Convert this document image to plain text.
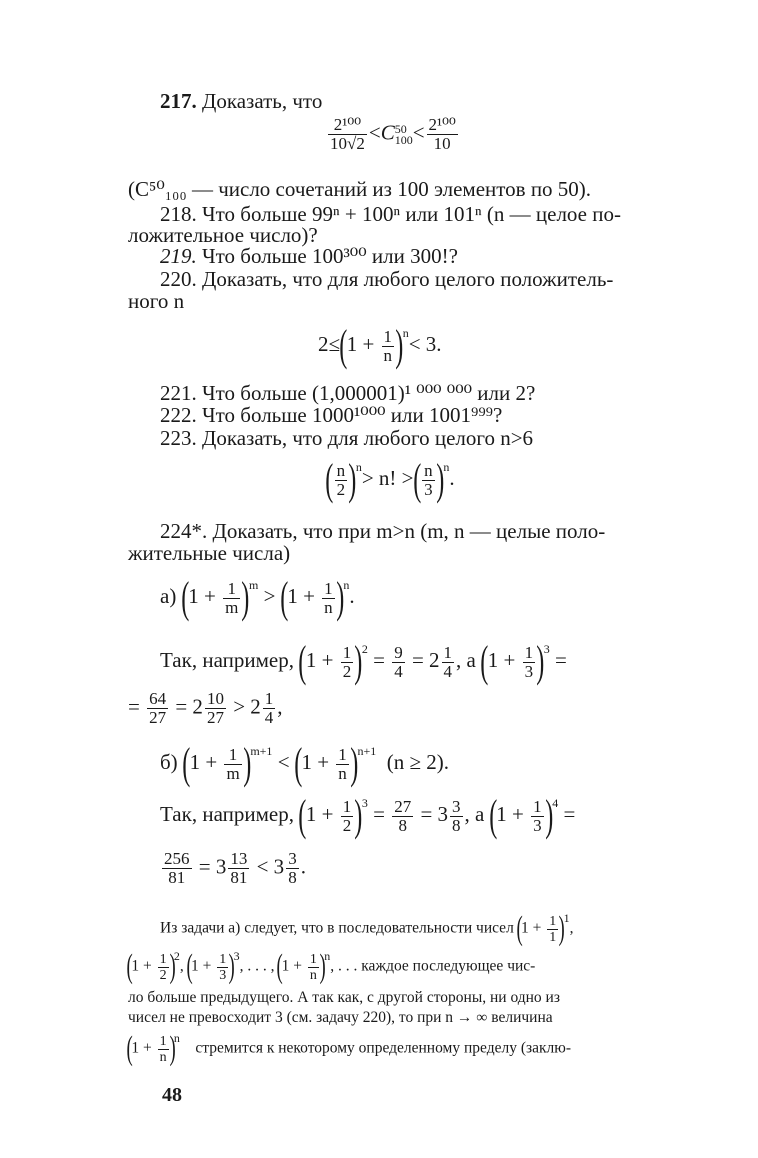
217. Доказать, что
$\frac{\text{2¹⁰⁰}}{10√2} <C$ 50
$100 < \frac{\text{2¹⁰⁰}}{10}$
(C⁵⁰₁₀₀ — число сочетаний из 100 элементов по 50).
218. Что больше 99ⁿ + 100ⁿ или 101ⁿ (n — целое по-
ложительное число)?
219. Что больше 100³⁰⁰ или 300!?
220. Доказать, что для любого целого положитель-
ного n
$2\le(1 + \frac{1}{n} )^n< 3$.
221. Что больше (1,000001)¹ ⁰⁰⁰ ⁰⁰⁰ или 2?
222. Что больше 1000¹⁰⁰⁰ или 1001⁹⁹⁹?
223. Доказать, что для любого целого n>6
( $\frac{n}{2} )^n> n$! >( $\frac{n}{3} )^n$.
224*. Доказать, что при m>n (m, n — целые поло-
жительные числа)
а) $(1 + \frac{1}{m} )^m > (1 + \frac{1}{n} )^n$.
Так, например, $(1 + \frac{1}{2} )^2 = \frac{9}{4} = 2 \frac{1}{4}$ , а $(1 + \frac{1}{3} )^3$ =
= $\frac{64}{27} = 2 \frac{10}{27} > 2 \frac{1}{4}$ ,
б) $(1 + \frac{1}{m} )^{m+1} < (1 + \frac{1}{n} )^{n+1}$ (n ≥ 2).
Так, например, $(1 + \frac{1}{2} )^3 = \frac{27}{8} = 3 \frac{3}{8}$ , а $(1 + \frac{1}{3} )^4$ =
$\frac{256}{81} = 3 \frac{13}{81} < 3 \frac{3}{8}$ .
Из задачи а) следует, что в последовательности чисел $(1 + \frac{1}{1} )^1$,
$(1 + \frac{1}{2} )^2$, $(1 + \frac{1}{3} )^3$, . . . , $(1 + \frac{1}{n} )^n$, . . . каждое последующее чис-
ло больше предыдущего. А так как, с другой стороны, ни одно из
чисел не превосходит 3 (см. задачу 220), то при n → ∞ величина
$(1 + \frac{1}{n} )^n$    стремится к некоторому определенному пределу (заклю-
48
